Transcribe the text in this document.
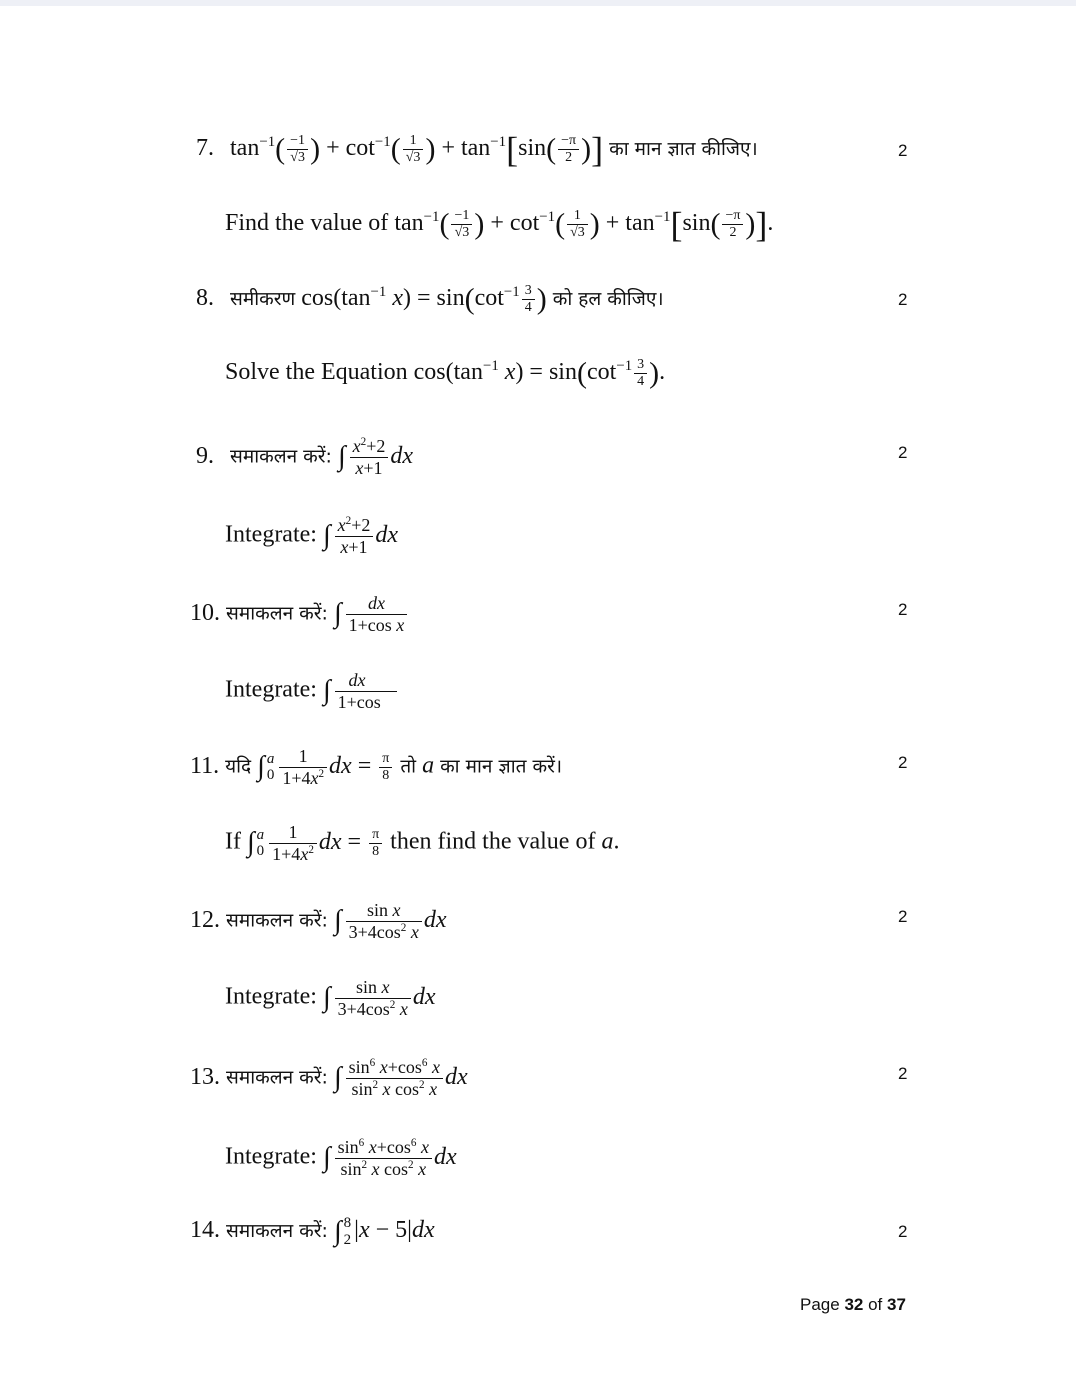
7. $\tan^{-1}( \frac{-1}{√3}$ ) + $\cot^{-1}( \frac{1}{√3}$ ) + $\tan^{-1}[\sin( \frac{-\pi}{2}$ )] का मान ज्ञात कीजिए।	2
Find the value of $\tan^{-1}( \frac{-1}{√3}$ ) + $\cot^{-1}( \frac{1}{√3}$ ) + $\tan^{-1}[\sin( \frac{-\pi}{2}$ )].
8. समीकरण $\cos(\tan^{-1}$ $x) = \sin(\cot^{-1} \frac{3}{4}$ ) को हल कीजिए।	2
Solve the Equation $\cos(\tan^{-1}$ $x) = \sin(\cot^{-1} \frac{3}{4}$ ).
9. समाकलन करें: ∫ $\frac{x^2+2}{x+1}$ dx	2
Integrate: ∫ $\frac{x^2+2}{x+1}$ dx
10. समाकलन करें: ∫ $\frac{dx}{\text{1+cos x}}$	2
Integrate: ∫ $\frac{dx}{1+\cos}$
11. यदि ∫ a
$0 \frac{1}{1+4x^2}$ dx = $\frac{\pi}{8}$ तो a का मान ज्ञात करें।	2
If ∫ a
$0 \frac{1}{1+4x^2}$ dx = $\frac{\pi}{8}$ then find the value of a.
12. समाकलन करें: ∫ $\frac{\text{sin x}}{3+4\cos^2 x}$ dx	2
Integrate: ∫ $\frac{\text{sin x}}{3+4\cos^2 x}$ dx
13. समाकलन करें: ∫ $\frac{\sin^6 x+\cos^6 x}{\sin^2 x \cos^2 x}$ dx	2
Integrate: ∫ $\frac{\sin^6 x+\cos^6 x}{\sin^2 x \cos^2 x}$ dx
14. समाकलन करें: ∫ 8
2 |x − 5|dx	2
Page 32 of 37
